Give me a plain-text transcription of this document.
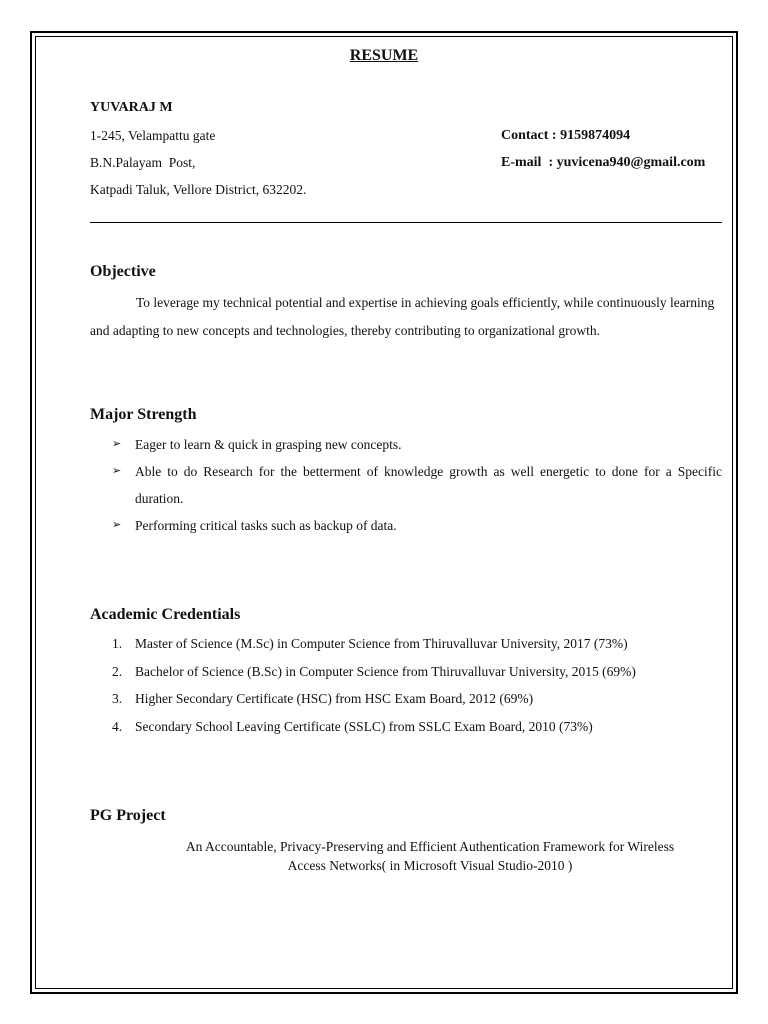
RESUME
YUVARAJ M
1-245, Velampattu gate
B.N.Palayam  Post,
Katpadi Taluk, Vellore District, 632202.
Contact : 9159874094
E-mail  : yuvicena940@gmail.com
Objective
To leverage my technical potential and expertise in achieving goals efficiently, while continuously learning and adapting to new concepts and technologies, thereby contributing to organizational growth.
Major Strength
➢ Eager to learn & quick in grasping new concepts.
➢ Able to do Research for the betterment of knowledge growth as well energetic to done for a Specific duration.
➢ Performing critical tasks such as backup of data.
Academic Credentials
1. Master of Science (M.Sc) in Computer Science from Thiruvalluvar University, 2017 (73%)
2. Bachelor of Science (B.Sc) in Computer Science from Thiruvalluvar University, 2015 (69%)
3. Higher Secondary Certificate (HSC) from HSC Exam Board, 2012 (69%)
4. Secondary School Leaving Certificate (SSLC) from SSLC Exam Board, 2010 (73%)
PG Project
An Accountable, Privacy-Preserving and Efficient Authentication Framework for Wireless
Access Networks( in Microsoft Visual Studio-2010 )
